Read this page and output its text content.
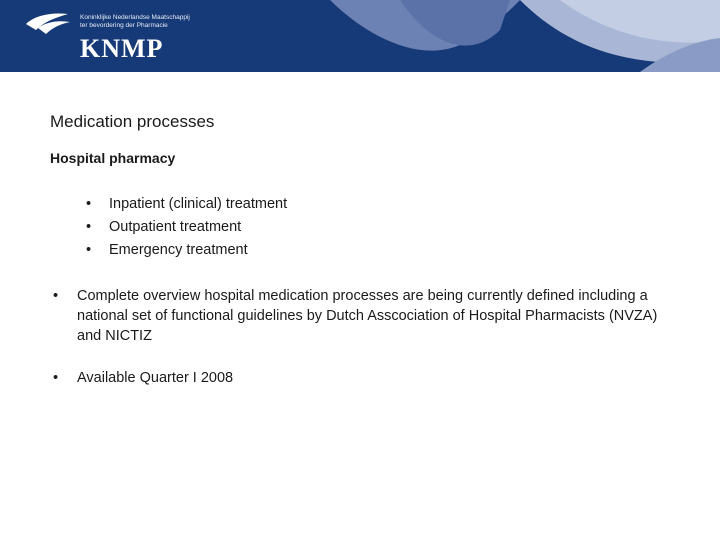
Koninklijke Nederlandse Maatschappij
ter bevordering der Pharmacie
KNMP
Medication processes
Hospital pharmacy
• Inpatient (clinical) treatment
• Outpatient treatment
• Emergency treatment
• Complete overview hospital medication processes are being currently defined including a national set of functional guidelines by Dutch Asscociation of Hospital Pharmacists (NVZA) and NICTIZ
• Available Quarter I 2008
